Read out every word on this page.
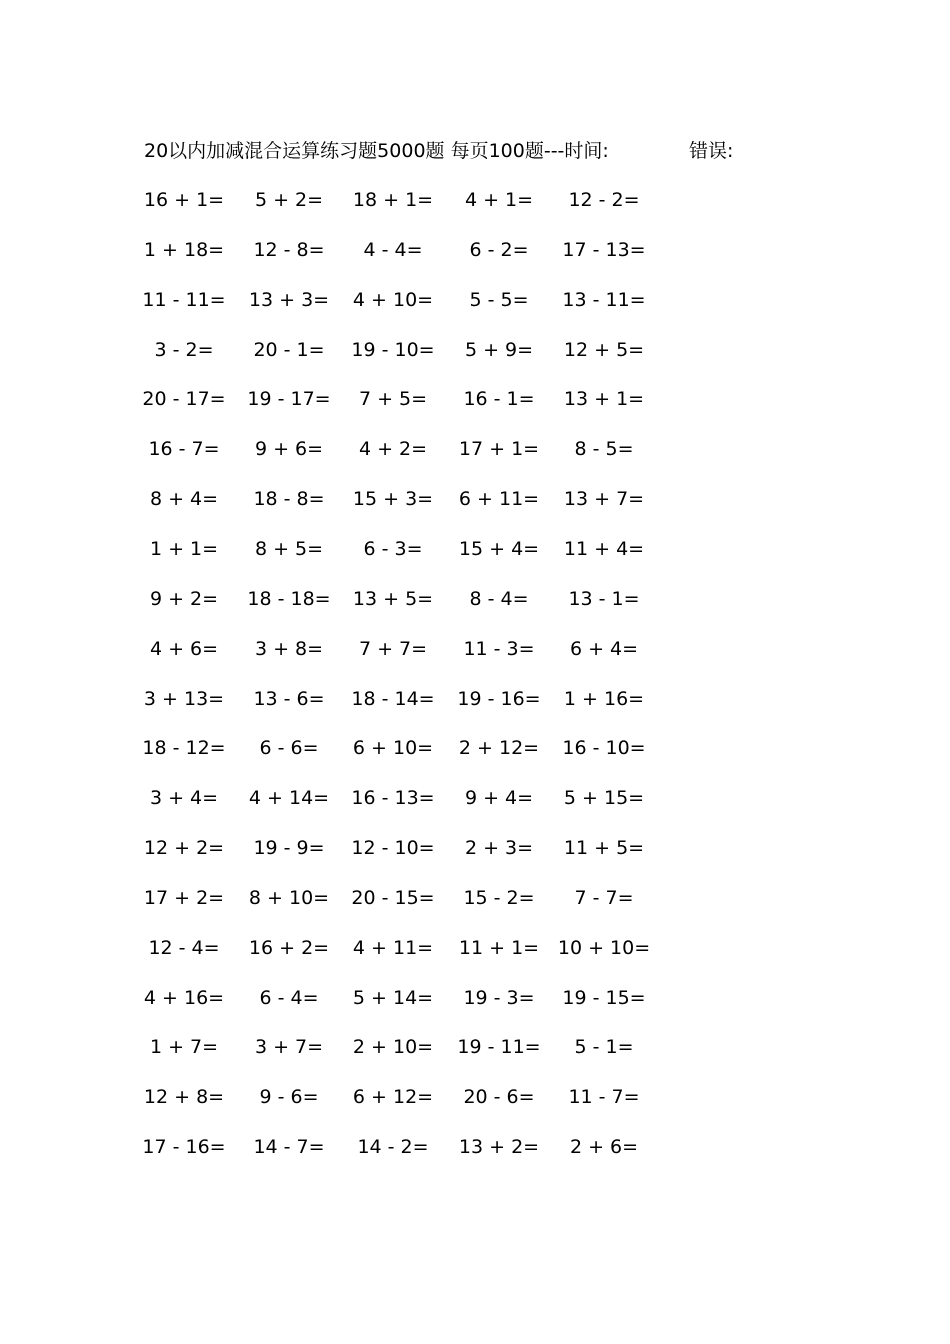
20以内加减混合运算练习题5000题 每页100题---时间:	错误:
16 + 1=	5 + 2=	18 + 1=	4 + 1=	12 - 2=
1 + 18=	12 - 8=	4 - 4=	6 - 2=	17 - 13=
11 - 11=	13 + 3=	4 + 10=	5 - 5=	13 - 11=
3 - 2=	20 - 1=	19 - 10=	5 + 9=	12 + 5=
20 - 17=	19 - 17=	7 + 5=	16 - 1=	13 + 1=
16 - 7=	9 + 6=	4 + 2=	17 + 1=	8 - 5=
8 + 4=	18 - 8=	15 + 3=	6 + 11=	13 + 7=
1 + 1=	8 + 5=	6 - 3=	15 + 4=	11 + 4=
9 + 2=	18 - 18=	13 + 5=	8 - 4=	13 - 1=
4 + 6=	3 + 8=	7 + 7=	11 - 3=	6 + 4=
3 + 13=	13 - 6=	18 - 14=	19 - 16=	1 + 16=
18 - 12=	6 - 6=	6 + 10=	2 + 12=	16 - 10=
3 + 4=	4 + 14=	16 - 13=	9 + 4=	5 + 15=
12 + 2=	19 - 9=	12 - 10=	2 + 3=	11 + 5=
17 + 2=	8 + 10=	20 - 15=	15 - 2=	7 - 7=
12 - 4=	16 + 2=	4 + 11=	11 + 1= 10 + 10=
4 + 16=	6 - 4=	5 + 14=	19 - 3=	19 - 15=
1 + 7=	3 + 7=	2 + 10=	19 - 11=	5 - 1=
12 + 8=	9 - 6=	6 + 12=	20 - 6=	11 - 7=
17 - 16=	14 - 7=	14 - 2=	13 + 2=	2 + 6=
